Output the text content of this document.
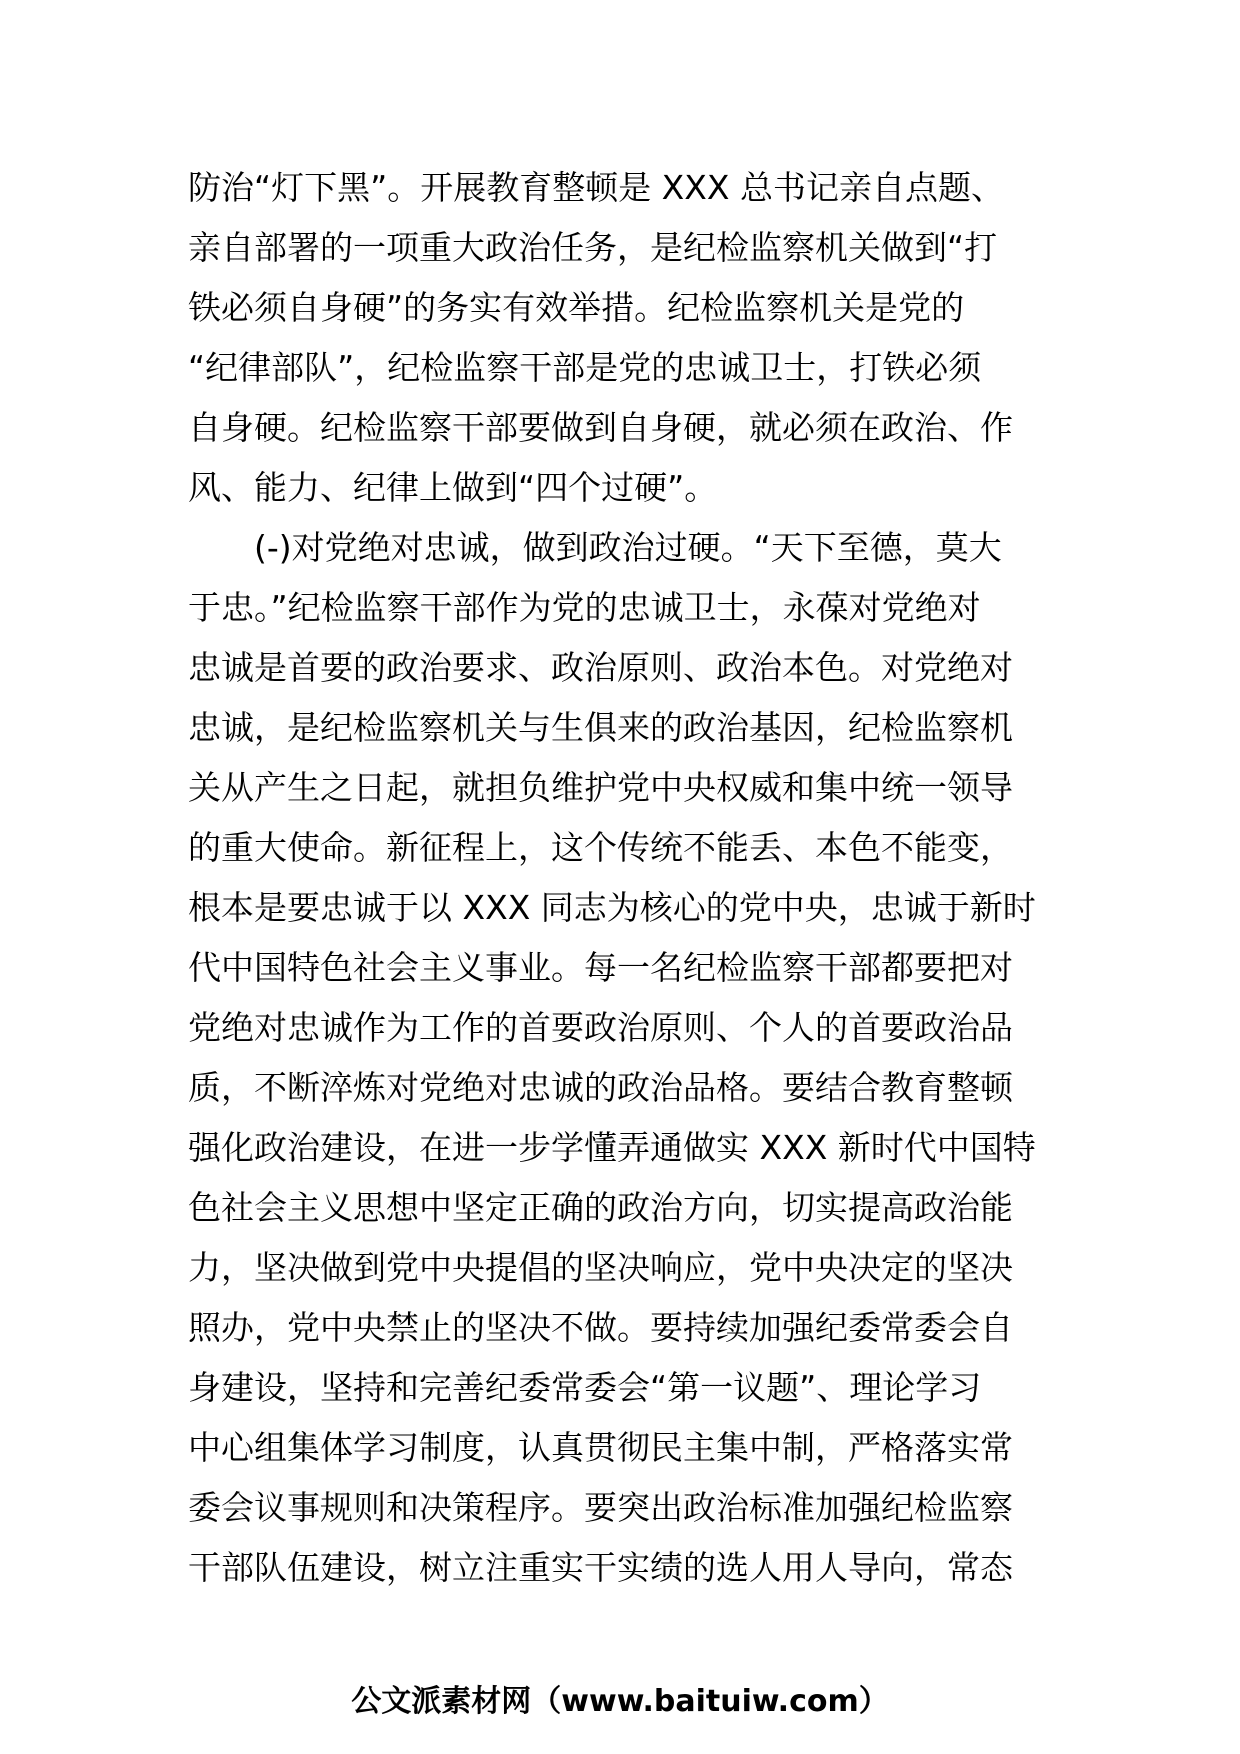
防治“灯下黑”。开展教育整顿是 XXX 总书记亲自点题、
亲自部署的一项重大政治任务，是纪检监察机关做到“打
铁必须自身硬”的务实有效举措。纪检监察机关是党的
“纪律部队”，纪检监察干部是党的忠诚卫士，打铁必须
自身硬。纪检监察干部要做到自身硬，就必须在政治、作
风、能力、纪律上做到“四个过硬”。
(-)对党绝对忠诚，做到政治过硬。“天下至德，莫大
于忠。”纪检监察干部作为党的忠诚卫士，永葆对党绝对
忠诚是首要的政治要求、政治原则、政治本色。对党绝对
忠诚，是纪检监察机关与生俱来的政治基因，纪检监察机
关从产生之日起，就担负维护党中央权威和集中统一领导
的重大使命。新征程上，这个传统不能丢、本色不能变，
根本是要忠诚于以 XXX 同志为核心的党中央，忠诚于新时
代中国特色社会主义事业。每一名纪检监察干部都要把对
党绝对忠诚作为工作的首要政治原则、个人的首要政治品
质，不断淬炼对党绝对忠诚的政治品格。要结合教育整顿
强化政治建设，在进一步学懂弄通做实 XXX 新时代中国特
色社会主义思想中坚定正确的政治方向，切实提高政治能
力，坚决做到党中央提倡的坚决响应，党中央决定的坚决
照办，党中央禁止的坚决不做。要持续加强纪委常委会自
身建设，坚持和完善纪委常委会“第一议题”、理论学习
中心组集体学习制度，认真贯彻民主集中制，严格落实常
委会议事规则和决策程序。要突出政治标准加强纪检监察
干部队伍建设，树立注重实干实绩的选人用人导向，常态
公文派素材网（www.baituiw.com）
